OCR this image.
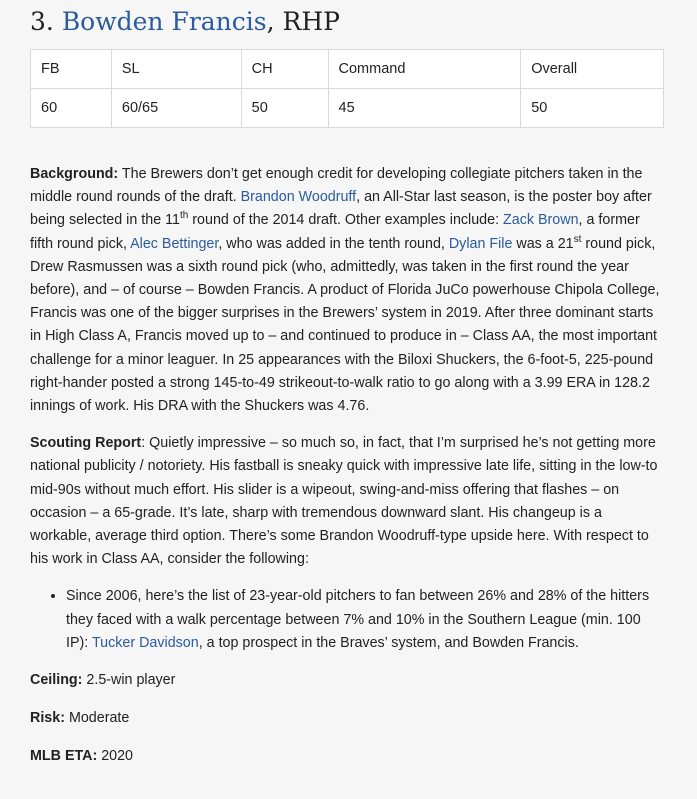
3. Bowden Francis, RHP
FB	SL	CH	Command	Overall
60	60/65	50	45	50

Background: The Brewers don’t get enough credit for developing collegiate pitchers taken in the middle round rounds of the draft. Brandon Woodruff, an All-Star last season, is the poster boy after being selected in the 11th round of the 2014 draft. Other examples include: Zack Brown, a former fifth round pick, Alec Bettinger, who was added in the tenth round, Dylan File was a 21st round pick, Drew Rasmussen was a sixth round pick (who, admittedly, was taken in the first round the year before), and – of course – Bowden Francis. A product of Florida JuCo powerhouse Chipola College, Francis was one of the bigger surprises in the Brewers’ system in 2019. After three dominant starts in High Class A, Francis moved up to – and continued to produce in – Class AA, the most important challenge for a minor leaguer. In 25 appearances with the Biloxi Shuckers, the 6-foot-5, 225-pound right-hander posted a strong 145-to-49 strikeout-to-walk ratio to go along with a 3.99 ERA in 128.2 innings of work. His DRA with the Shuckers was 4.76.

Scouting Report: Quietly impressive – so much so, in fact, that I’m surprised he’s not getting more national publicity / notoriety. His fastball is sneaky quick with impressive late life, sitting in the low-to mid-90s without much effort. His slider is a wipeout, swing-and-miss offering that flashes – on occasion – a 65-grade. It’s late, sharp with tremendous downward slant. His changeup is a workable, average third option. There’s some Brandon Woodruff-type upside here. With respect to his work in Class AA, consider the following:

• Since 2006, here’s the list of 23-year-old pitchers to fan between 26% and 28% of the hitters they faced with a walk percentage between 7% and 10% in the Southern League (min. 100 IP): Tucker Davidson, a top prospect in the Braves’ system, and Bowden Francis.

Ceiling: 2.5-win player

Risk: Moderate

MLB ETA: 2020
